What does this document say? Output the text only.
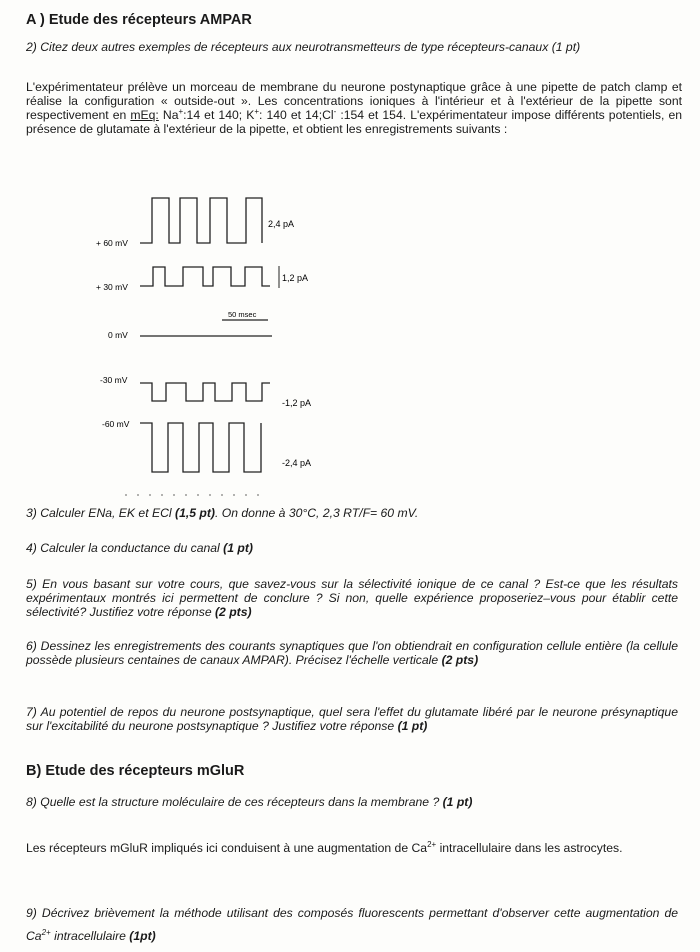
A ) Etude des récepteurs AMPAR
2) Citez deux autres exemples de récepteurs aux neurotransmetteurs de type récepteurs-canaux (1 pt)
L'expérimentateur prélève un morceau de membrane du neurone postynaptique grâce à une pipette de patch clamp et réalise la configuration « outside-out ». Les concentrations ioniques à l'intérieur et à l'extérieur de la pipette sont respectivement en mEq: Na+:14 et 140; K+: 140 et 14;Cl- :154 et 154. L'expérimentateur impose différents potentiels, en présence de glutamate à l'extérieur de la pipette, et obtient les enregistrements suivants :
+ 60 mV
2,4 pA
+ 30 mV
1,2 pA
50 msec
0 mV
-30 mV
-1,2 pA
-60 mV
-2,4 pA
3) Calculer ENa, EK et ECl (1,5 pt). On donne à 30°C, 2,3 RT/F= 60 mV.
4) Calculer la conductance du canal (1 pt)
5) En vous basant sur votre cours, que savez-vous sur la sélectivité ionique de ce canal ? Est-ce que les résultats expérimentaux montrés ici permettent de conclure ? Si non, quelle expérience proposeriez–vous pour établir cette sélectivité? Justifiez votre réponse (2 pts)
6) Dessinez les enregistrements des courants synaptiques que l'on obtiendrait en configuration cellule entière (la cellule possède plusieurs centaines de canaux AMPAR). Précisez l'échelle verticale (2 pts)
7) Au potentiel de repos du neurone postsynaptique, quel sera l'effet du glutamate libéré par le neurone présynaptique sur l'excitabilité du neurone postsynaptique ? Justifiez votre réponse (1 pt)
B) Etude des récepteurs mGluR
8) Quelle est la structure moléculaire de ces récepteurs dans la membrane ? (1 pt)
Les récepteurs mGluR impliqués ici conduisent à une augmentation de $Ca^{2+}$ intracellulaire dans les astrocytes.
9) Décrivez brièvement la méthode utilisant des composés fluorescents permettant d'observer cette augmentation de $Ca^{2+}$ intracellulaire (1pt)
